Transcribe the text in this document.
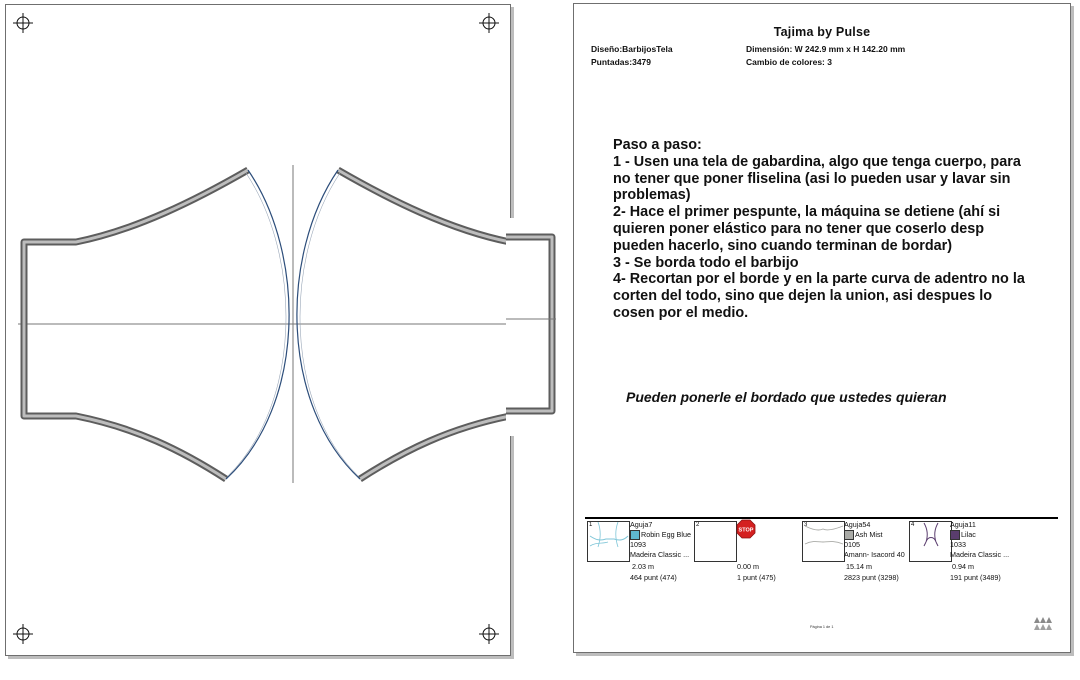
Tajima by Pulse
Diseño:BarbijosTela
Puntadas:3479
Dimensión: W 242.9 mm x H 142.20 mm
Cambio de colores: 3
Paso a paso:
1 - Usen una tela de gabardina, algo que tenga cuerpo, para no tener que poner fliselina (asi lo pueden usar y lavar sin problemas)
2- Hace el primer pespunte, la máquina se detiene (ahí si quieren poner elástico para no tener que coserlo desp pueden hacerlo, sino cuando terminan de bordar)
3 - Se borda todo el barbijo
4- Recortan por el borde y en la parte curva de adentro no la corten del todo, sino que dejen la union, asi despues lo cosen por el medio.
Pueden ponerle el bordado que ustedes quieran
1	Aguja7
Robin Egg Blue
1093
Madeira Classic ...
2.03 m
464 punt (474)
2
STOP
0.00 m
1 punt (475)
3	Aguja54
Ash Mist
0105
Amann- Isacord 40
15.14 m
2823 punt (3298)
4	Aguja11
Lilac
1033
Madeira Classic ...
0.94 m
191 punt (3489)
Página 1 de 1
